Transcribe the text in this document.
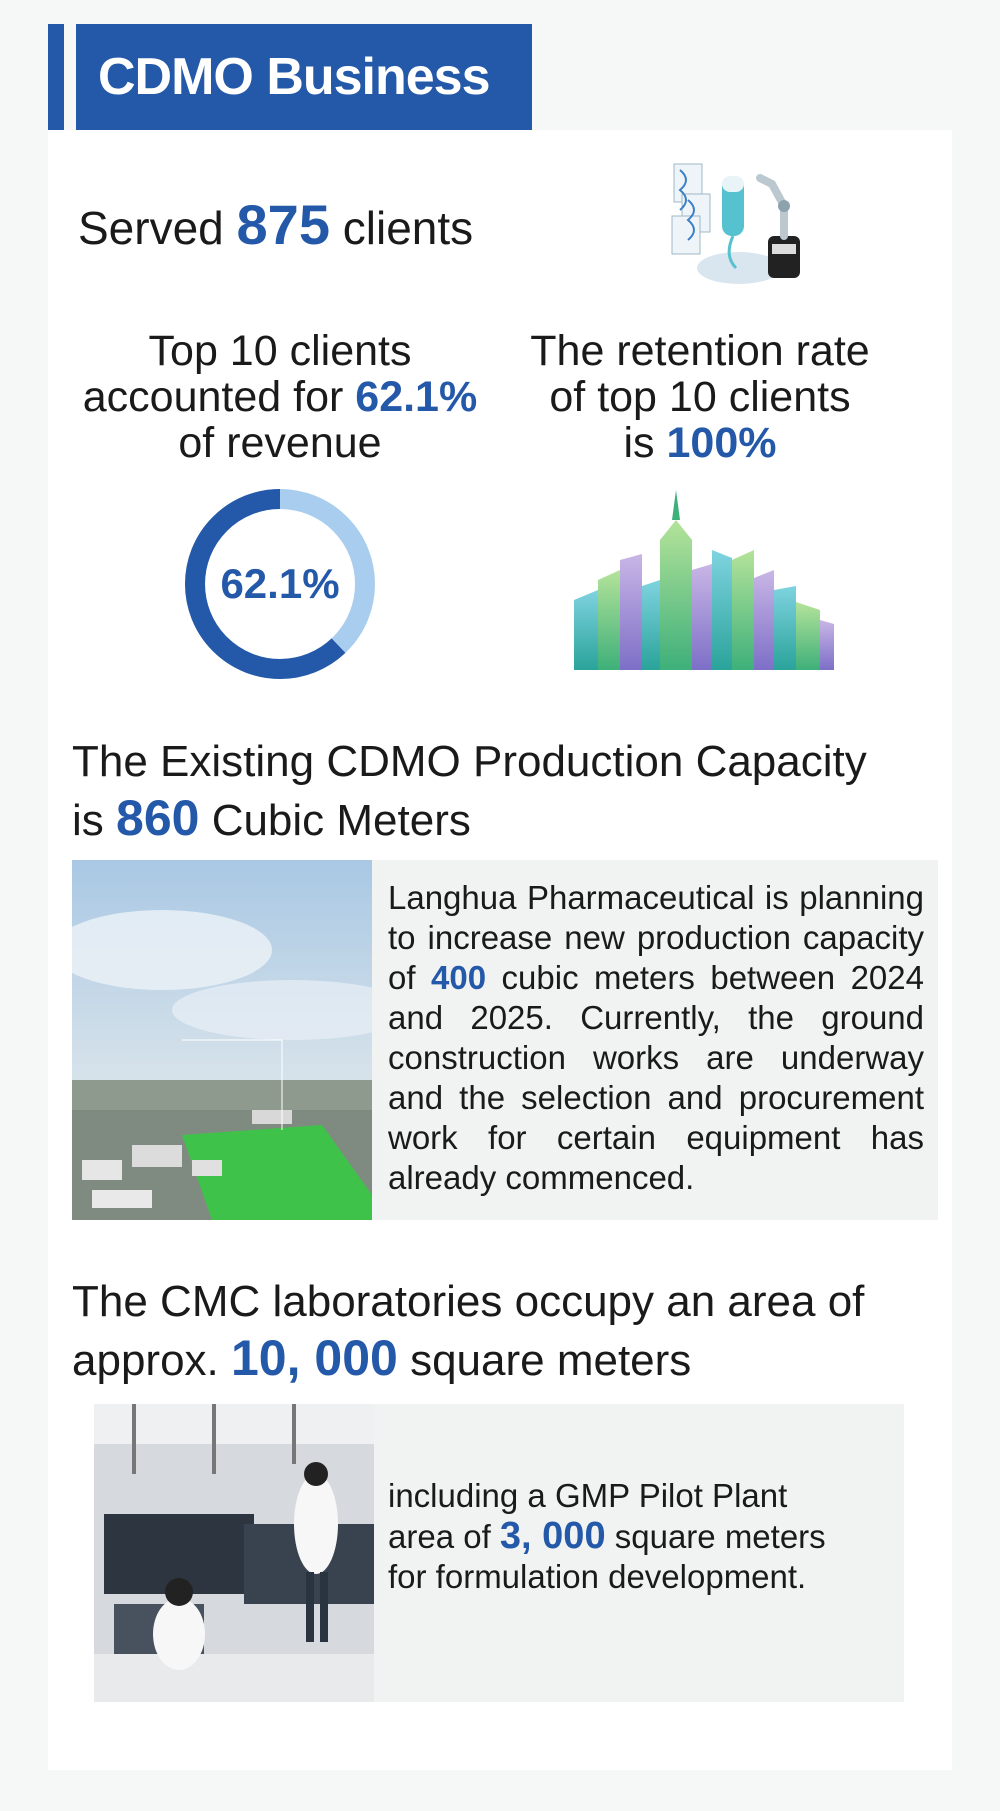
CDMO Business
Served 875 clients
Top 10 clients
accounted for 62.1%
of revenue
The retention rate
of top 10 clients
is 100%
62.1%
The Existing CDMO Production Capacity
is 860 Cubic Meters
Langhua Pharmaceutical is planning to increase new production capacity of 400 cubic meters between 2024 and 2025. Currently, the ground construction works are underway and the selection and procurement work for certain equipment has already commenced.
The CMC laboratories occupy an area of
approx. 10, 000 square meters
including a GMP Pilot Plant
area of 3, 000 square meters
for formulation development.
